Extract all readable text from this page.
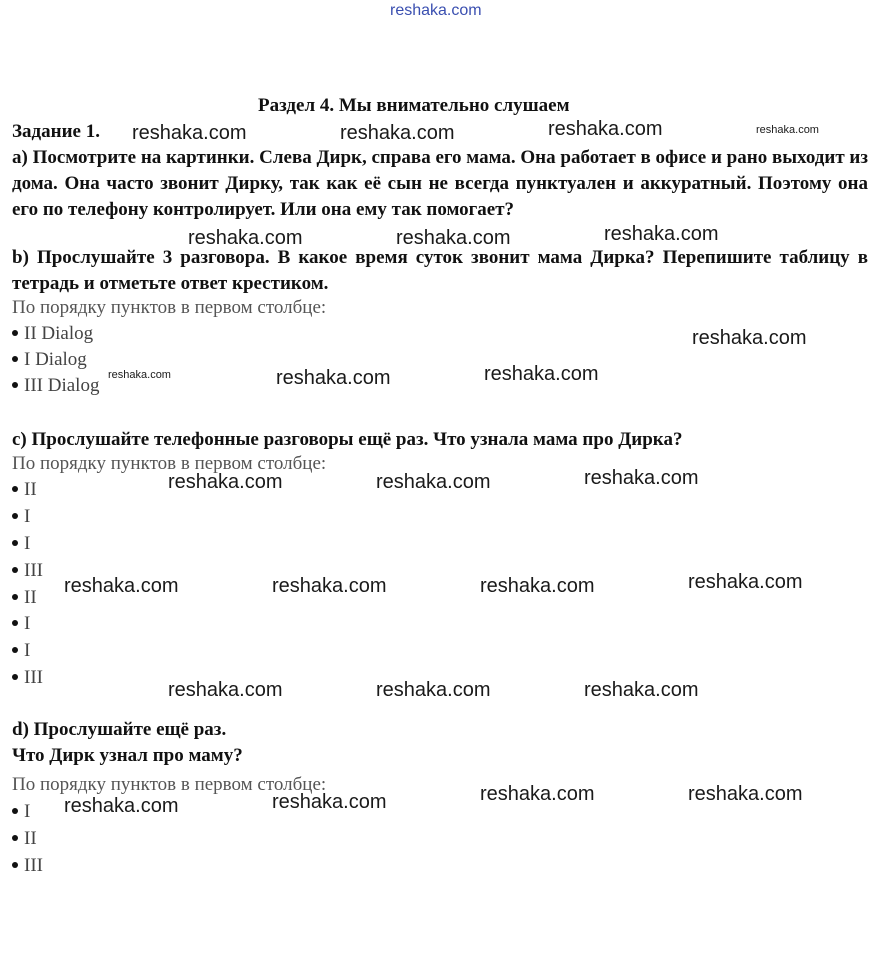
reshaka.com
Раздел 4. Мы внимательно слушаем
Задание 1.
а) Посмотрите на картинки. Слева Дирк, справа его мама. Она работает в офисе и рано выходит из дома. Она часто звонит Дирку, так как её сын не всегда пунктуален и аккуратный. Поэтому она его по телефону контролирует. Или она ему так помогает?
b) Прослушайте 3 разговора. В какое время суток звонит мама Дирка? Перепишите таблицу в тетрадь и отметьте ответ крестиком.
По порядку пунктов в первом столбце:
II Dialog
I Dialog
III Dialog
c) Прослушайте телефонные разговоры ещё раз. Что узнала мама про Дирка?
По порядку пунктов в первом столбце:
II
I
I
III
II
I
I
III
d) Прослушайте ещё раз.
Что Дирк узнал про маму?
По порядку пунктов в первом столбце:
I
II
III
reshaka.com	reshaka.com	reshaka.com	reshaka.com
reshaka.com	reshaka.com	reshaka.com
reshaka.com
reshaka.com	reshaka.com	reshaka.com
reshaka.com	reshaka.com	reshaka.com
reshaka.com	reshaka.com	reshaka.com	reshaka.com
reshaka.com	reshaka.com	reshaka.com
reshaka.com	reshaka.com	reshaka.com	reshaka.com
